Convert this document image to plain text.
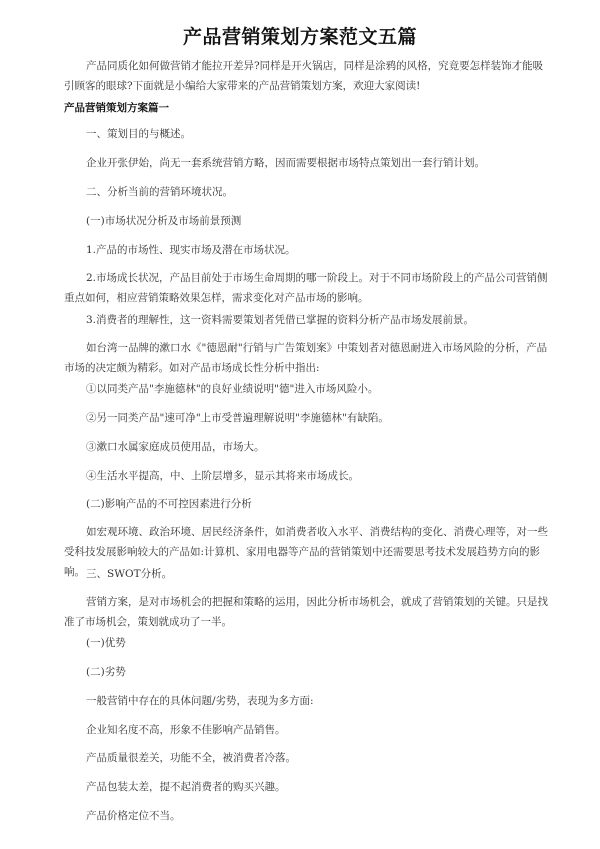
产品营销策划方案范文五篇

产品同质化如何做营销才能拉开差异?同样是开火锅店，同样是涂鸦的风格，究竟要怎样装饰才能吸引顾客的眼球?下面就是小编给大家带来的产品营销策划方案，欢迎大家阅读!

产品营销策划方案篇一

一、策划目的与概述。

企业开张伊始，尚无一套系统营销方略，因而需要根据市场特点策划出一套行销计划。

二、分析当前的营销环境状况。

(一)市场状况分析及市场前景预测

1.产品的市场性、现实市场及潜在市场状况。

2.市场成长状况，产品目前处于市场生命周期的哪一阶段上。对于不同市场阶段上的产品公司营销侧重点如何，相应营销策略效果怎样，需求变化对产品市场的影响。

3.消费者的理解性，这一资料需要策划者凭借已掌握的资料分析产品市场发展前景。

如台湾一品牌的漱口水《"德恩耐"行销与广告策划案》中策划者对德恩耐进入市场风险的分析，产品市场的决定颇为精彩。如对产品市场成长性分析中指出:

①以同类产品"李施德林"的良好业绩说明"德"进入市场风险小。

②另一同类产品"速可净"上市受普遍理解说明"李施德林"有缺陷。

③漱口水属家庭成员使用品，市场大。

④生活水平提高，中、上阶层增多，显示其将来市场成长。

(二)影响产品的不可控因素进行分析

如宏观环境、政治环境、居民经济条件，如消费者收入水平、消费结构的变化、消费心理等，对一些受科技发展影响较大的产品如:计算机、家用电器等产品的营销策划中还需要思考技术发展趋势方向的影响。 三、SWOT分析。

营销方案，是对市场机会的把握和策略的运用，因此分析市场机会，就成了营销策划的关键。只是找准了市场机会，策划就成功了一半。

(一)优势

(二)劣势

一般营销中存在的具体问题/劣势，表现为多方面:

企业知名度不高，形象不佳影响产品销售。

产品质量很差关，功能不全，被消费者冷落。

产品包装太差，提不起消费者的购买兴趣。

产品价格定位不当。
